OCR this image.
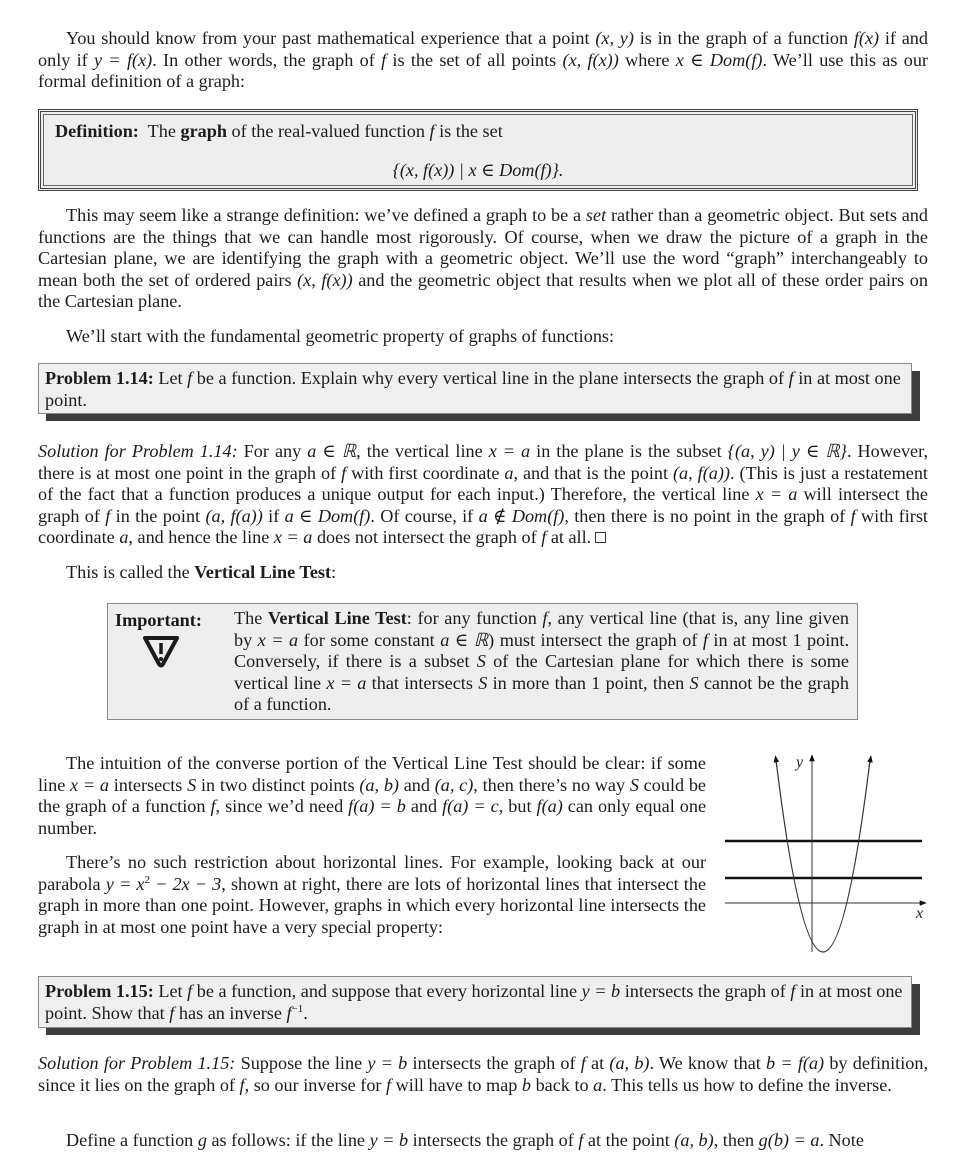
You should know from your past mathematical experience that a point (x, y) is in the graph of a function f(x) if and only if y = f(x). In other words, the graph of f is the set of all points (x, f(x)) where x ∈ Dom(f). We’ll use this as our formal definition of a graph:

Definition: The graph of the real-valued function f is the set
{(x, f(x)) | x ∈ Dom(f)}.

This may seem like a strange definition: we’ve defined a graph to be a set rather than a geometric object. But sets and functions are the things that we can handle most rigorously. Of course, when we draw the picture of a graph in the Cartesian plane, we are identifying the graph with a geometric object. We’ll use the word “graph” interchangeably to mean both the set of ordered pairs (x, f(x)) and the geometric object that results when we plot all of these order pairs on the Cartesian plane.

We’ll start with the fundamental geometric property of graphs of functions:

Problem 1.14: Let f be a function. Explain why every vertical line in the plane intersects the graph of f in at most one point.

Solution for Problem 1.14: For any a ∈ ℝ, the vertical line x = a in the plane is the subset {(a, y) | y ∈ ℝ}. However, there is at most one point in the graph of f with first coordinate a, and that is the point (a, f(a)). (This is just a restatement of the fact that a function produces a unique output for each input.) Therefore, the vertical line x = a will intersect the graph of f in the point (a, f(a)) if a ∈ Dom(f). Of course, if a ∉ Dom(f), then there is no point in the graph of f with first coordinate a, and hence the line x = a does not intersect the graph of f at all.

This is called the Vertical Line Test:

Important: The Vertical Line Test: for any function f, any vertical line (that is, any line given by x = a for some constant a ∈ ℝ) must intersect the graph of f in at most 1 point. Conversely, if there is a subset S of the Cartesian plane for which there is some vertical line x = a that intersects S in more than 1 point, then S cannot be the graph of a function.

The intuition of the converse portion of the Vertical Line Test should be clear: if some line x = a intersects S in two distinct points (a, b) and (a, c), then there’s no way S could be the graph of a function f, since we’d need f(a) = b and f(a) = c, but f(a) can only equal one number.

There’s no such restriction about horizontal lines. For example, looking back at our parabola $y = x^2 - 2x - 3$, shown at right, there are lots of horizontal lines that intersect the graph in more than one point. However, graphs in which every horizontal line intersects the graph in at most one point have a very special property:

y
x
Problem 1.15: Let f be a function, and suppose that every horizontal line y = b intersects the graph of f in at most one point. Show that f has an inverse $f^{-1}$.

Solution for Problem 1.15: Suppose the line y = b intersects the graph of f at (a, b). We know that b = f(a) by definition, since it lies on the graph of f, so our inverse for f will have to map b back to a. This tells us how to define the inverse.

Define a function g as follows: if the line y = b intersects the graph of f at the point (a, b), then g(b) = a. Note
